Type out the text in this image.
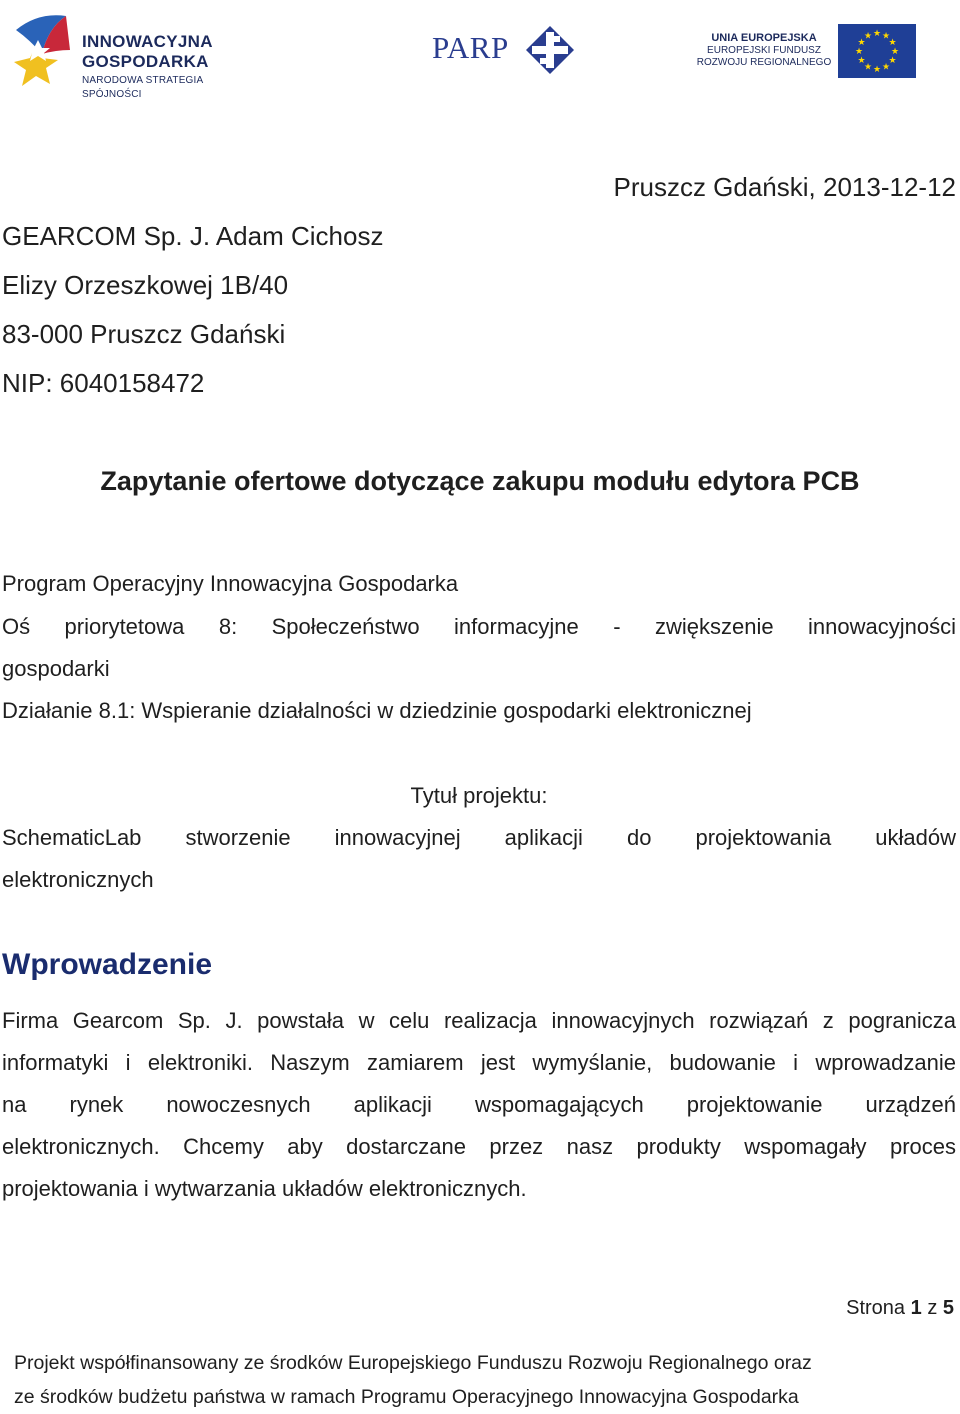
INNOWACYJNA
GOSPODARKA
NARODOWA STRATEGIA SPÓJNOŚCI
PARP	UNIA EUROPEJSKA
EUROPEJSKI FUNDUSZ
ROZWOJU REGIONALNEGO
★ ★
★
★
★
★
★
★
★
★
★
★
Pruszcz Gdański, 2013-12-12
GEARCOM Sp. J. Adam Cichosz
Elizy Orzeszkowej 1B/40
83-000 Pruszcz Gdański
NIP: 6040158472
Zapytanie ofertowe dotyczące zakupu modułu edytora PCB
Program Operacyjny Innowacyjna Gospodarka
Oś priorytetowa 8: Społeczeństwo informacyjne - zwiększenie innowacyjności
gospodarki
Działanie 8.1: Wspieranie działalności w dziedzinie gospodarki elektronicznej
Tytuł projektu:
SchematicLab stworzenie innowacyjnej aplikacji do projektowania układów
elektronicznych
Wprowadzenie
Firma Gearcom Sp. J. powstała w celu realizacja innowacyjnych rozwiązań z pogranicza
informatyki i elektroniki. Naszym zamiarem jest wymyślanie, budowanie i wprowadzanie
na rynek nowoczesnych aplikacji wspomagających projektowanie urządzeń
elektronicznych. Chcemy aby dostarczane przez nasz produkty wspomagały proces
projektowania i wytwarzania układów elektronicznych.
Strona 1 z 5
Projekt współfinansowany ze środków Europejskiego Funduszu Rozwoju Regionalnego oraz
ze środków budżetu państwa w ramach Programu Operacyjnego Innowacyjna Gospodarka
